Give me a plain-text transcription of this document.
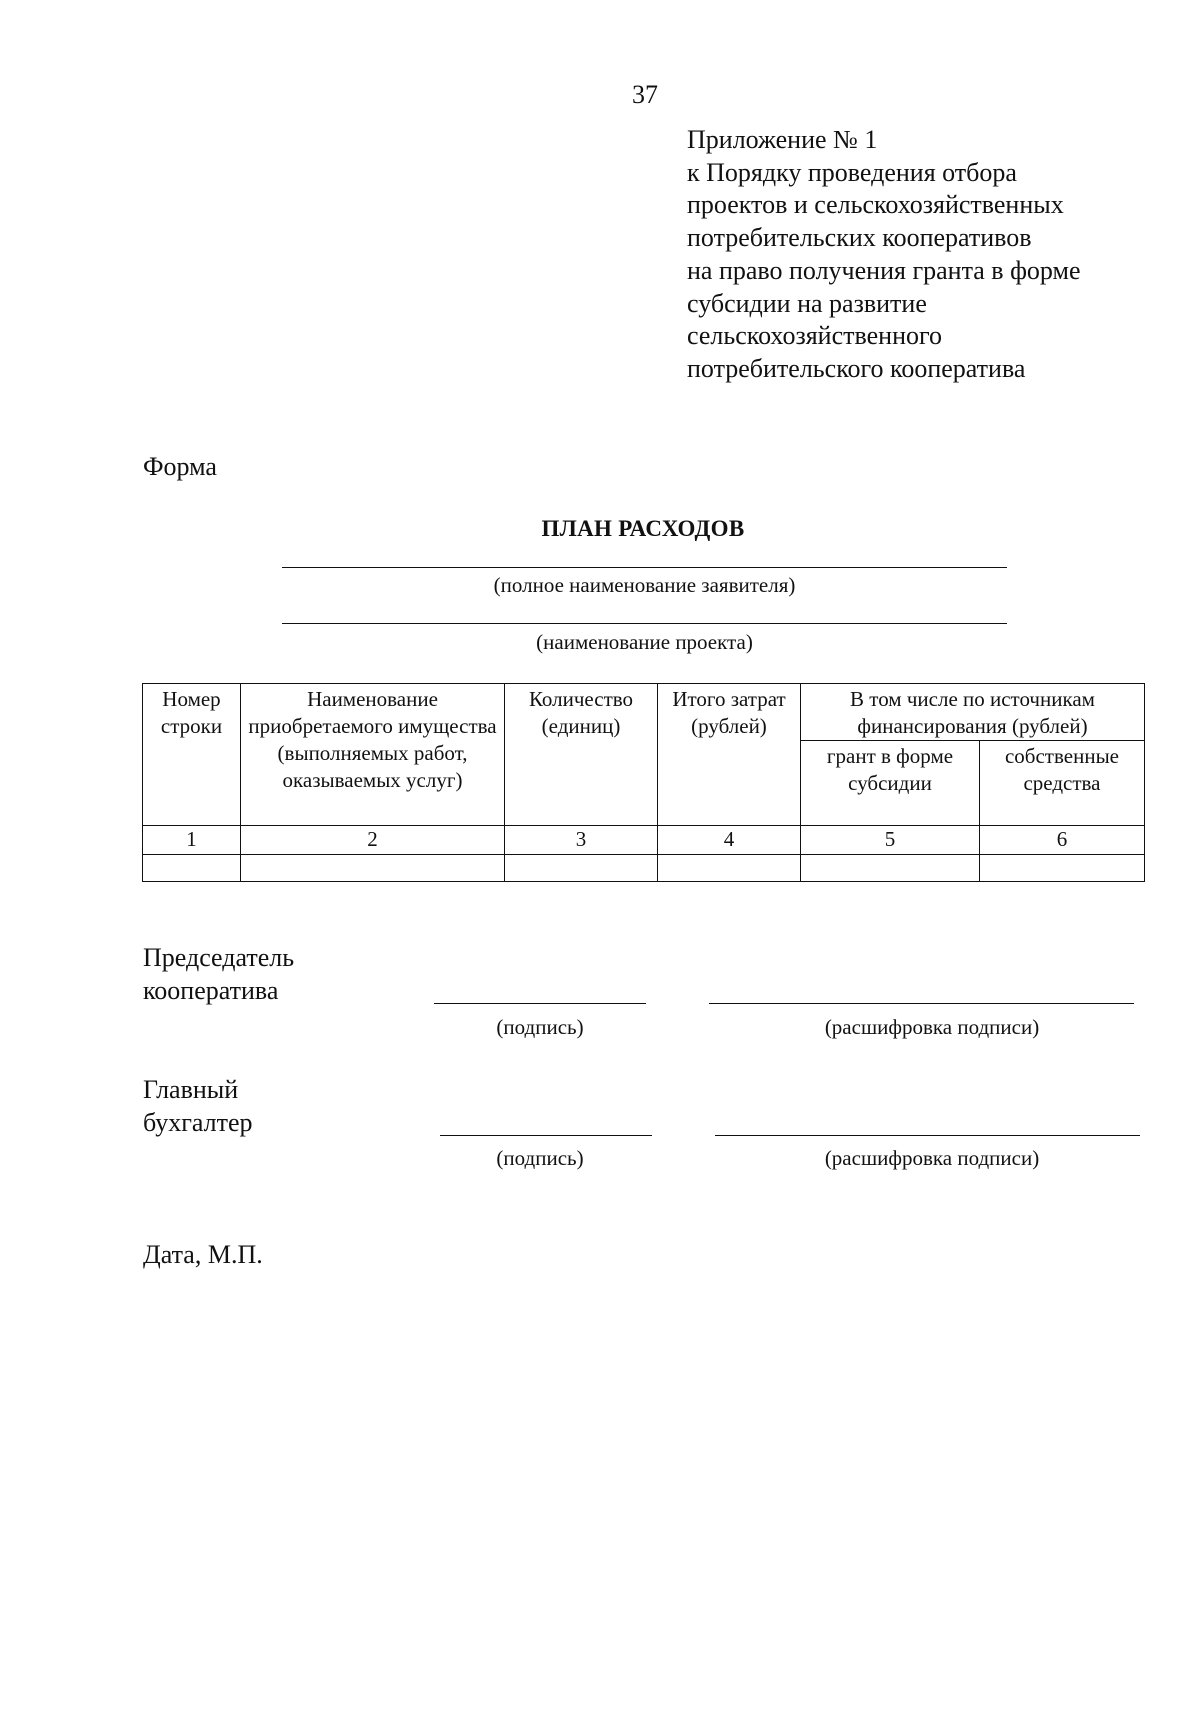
37
Приложение № 1
к Порядку проведения отбора
проектов и сельскохозяйственных
потребительских кооперативов
на право получения гранта в форме
субсидии на развитие
сельскохозяйственного
потребительского кооператива
Форма
ПЛАН РАСХОДОВ
(полное наименование заявителя)
(наименование проекта)
Номер строки	Наименование приобретаемого имущества (выполняемых работ, оказываемых услуг)	Количество (единиц)	Итого затрат (рублей)	В том числе по источникам финансирования (рублей)	
				грант в форме субсидии	собственные средства
1	2	3	4	5	6

Председатель
кооператива
(подпись)	(расшифровка подписи)
Главный
бухгалтер
(подпись)	(расшифровка подписи)
Дата, М.П.
